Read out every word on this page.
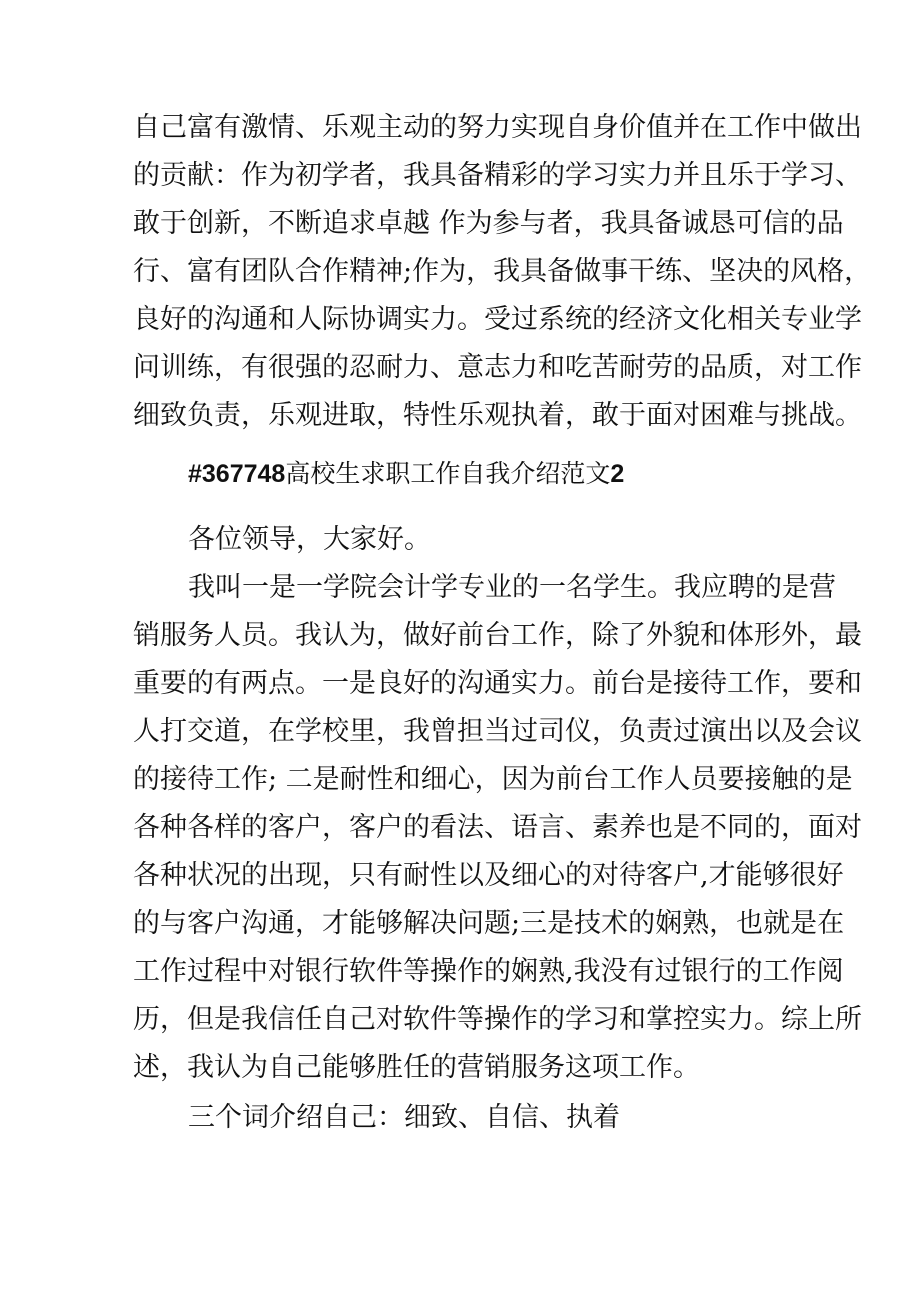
自己富有激情、乐观主动的努力实现自身价值并在工作中做出
的贡献：作为初学者，我具备精彩的学习实力并且乐于学习、
敢于创新，不断追求卓越 作为参与者，我具备诚恳可信的品
行、富有团队合作精神;作为，我具备做事干练、坚决的风格，
良好的沟通和人际协调实力。受过系统的经济文化相关专业学
问训练，有很强的忍耐力、意志力和吃苦耐劳的品质，对工作
细致负责，乐观进取，特性乐观执着，敢于面对困难与挑战。
#367748高校生求职工作自我介绍范文2
各位领导，大家好。
我叫一是一学院会计学专业的一名学生。我应聘的是营
销服务人员。我认为，做好前台工作，除了外貌和体形外，最
重要的有两点。一是良好的沟通实力。前台是接待工作，要和
人打交道，在学校里，我曾担当过司仪，负责过演出以及会议
的接待工作; 二是耐性和细心，因为前台工作人员要接触的是
各种各样的客户，客户的看法、语言、素养也是不同的，面对
各种状况的出现，只有耐性以及细心的对待客户,才能够很好
的与客户沟通，才能够解决问题;三是技术的娴熟，也就是在
工作过程中对银行软件等操作的娴熟,我没有过银行的工作阅
历，但是我信任自己对软件等操作的学习和掌控实力。综上所
述，我认为自己能够胜任的营销服务这项工作。
三个词介绍自己：细致、自信、执着
